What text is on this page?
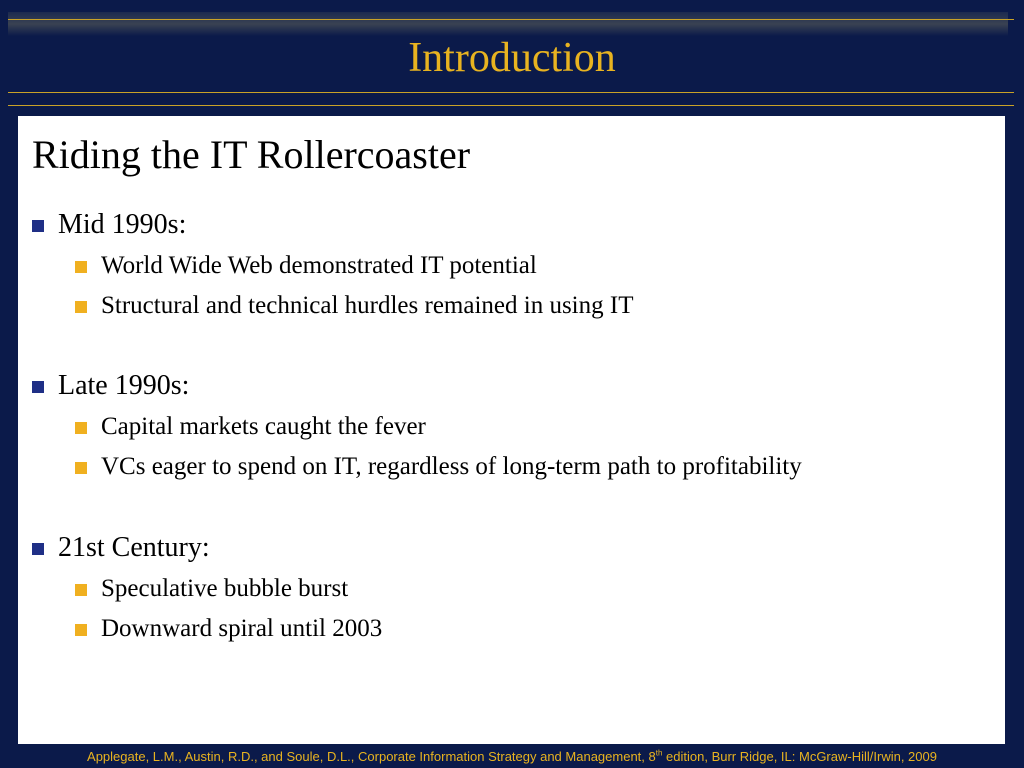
Introduction
Riding the IT Rollercoaster
Mid 1990s:
World Wide Web demonstrated IT potential
Structural and technical hurdles remained in using IT
Late 1990s:
Capital markets caught the fever
VCs eager to spend on IT, regardless of long-term path to profitability
21st Century:
Speculative bubble burst
Downward spiral until 2003
Applegate, L.M., Austin, R.D., and Soule, D.L., Corporate Information Strategy and Management, 8th edition, Burr Ridge, IL: McGraw-Hill/Irwin, 2009
